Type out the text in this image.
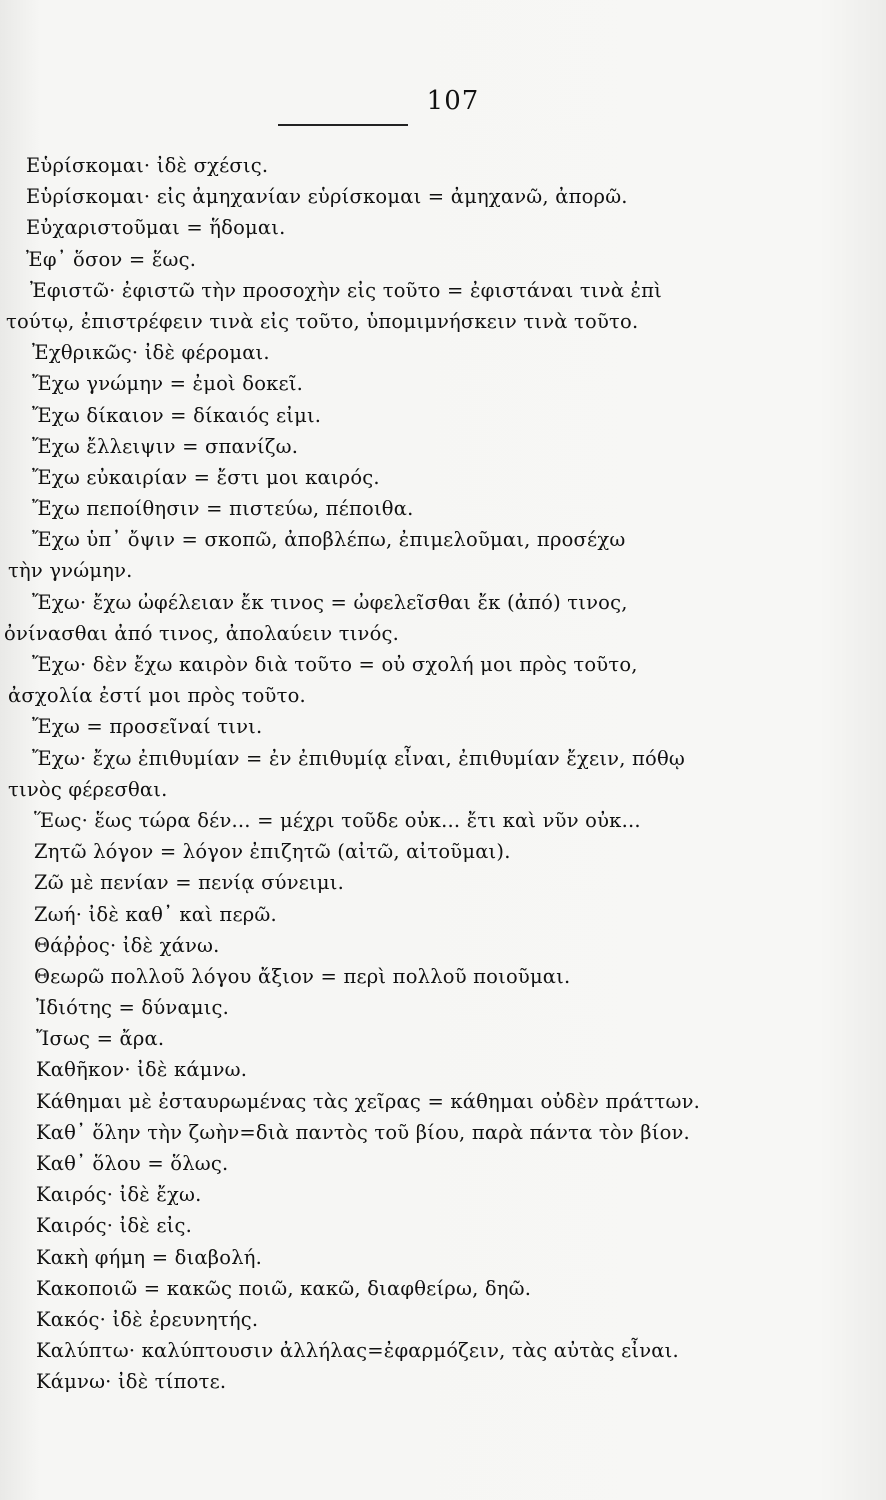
107
Εὑρίσκομαι· ἰδὲ σχέσις.
Εὑρίσκομαι· εἰς ἀμηχανίαν εὑρίσκομαι = ἀμηχανῶ, ἀπορῶ.
Εὐχαριστοῦμαι = ἥδομαι.
Ἐφ᾽ ὅσον = ἕως.
Ἐφιστῶ· ἐφιστῶ τὴν προσοχὴν εἰς τοῦτο = ἐφιστάναι τινὰ ἐπὶ
τούτῳ, ἐπιστρέφειν τινὰ εἰς τοῦτο, ὑπομιμνήσκειν τινὰ τοῦτο.
Ἐχθρικῶς· ἰδὲ φέρομαι.
Ἔχω γνώμην = ἐμοὶ δοκεῖ.
Ἔχω δίκαιον = δίκαιός εἰμι.
Ἔχω ἔλλειψιν = σπανίζω.
Ἔχω εὐκαιρίαν = ἔστι μοι καιρός.
Ἔχω πεποίθησιν = πιστεύω, πέποιθα.
Ἔχω ὑπ᾽ ὄψιν = σκοπῶ, ἀποβλέπω, ἐπιμελοῦμαι, προσέχω
τὴν γνώμην.
Ἔχω· ἔχω ὠφέλειαν ἔκ τινος = ὠφελεῖσθαι ἔκ (ἀπό) τινος,
ὀνίνασθαι ἀπό τινος, ἀπολαύειν τινός.
Ἔχω· δὲν ἔχω καιρὸν διὰ τοῦτο = οὐ σχολή μοι πρὸς τοῦτο,
ἀσχολία ἐστί μοι πρὸς τοῦτο.
Ἔχω = προσεῖναί τινι.
Ἔχω· ἔχω ἐπιθυμίαν = ἐν ἐπιθυμίᾳ εἶναι, ἐπιθυμίαν ἔχειν, πόθῳ
τινὸς φέρεσθαι.
Ἕως· ἕως τώρα δέν... = μέχρι τοῦδε οὐκ... ἔτι καὶ νῦν οὐκ...
Ζητῶ λόγον = λόγον ἐπιζητῶ (αἰτῶ, αἰτοῦμαι).
Ζῶ μὲ πενίαν = πενίᾳ σύνειμι.
Ζωή· ἰδὲ καθ᾽ καὶ περῶ.
Θάῤῥος· ἰδὲ χάνω.
Θεωρῶ πολλοῦ λόγου ἄξιον = περὶ πολλοῦ ποιοῦμαι.
Ἰδιότης = δύναμις.
Ἴσως = ἄρα.
Καθῆκον· ἰδὲ κάμνω.
Κάθημαι μὲ ἐσταυρωμένας τὰς χεῖρας = κάθημαι οὐδὲν πράττων.
Καθ᾽ ὅλην τὴν ζωὴν=διὰ παντὸς τοῦ βίου, παρὰ πάντα τὸν βίον.
Καθ᾽ ὅλου = ὅλως.
Καιρός· ἰδὲ ἔχω.
Καιρός· ἰδὲ εἰς.
Κακὴ φήμη = διαβολή.
Κακοποιῶ = κακῶς ποιῶ, κακῶ, διαφθείρω, δηῶ.
Κακός· ἰδὲ ἐρευνητής.
Καλύπτω· καλύπτουσιν ἀλλήλας=ἐφαρμόζειν, τὰς αὐτὰς εἶναι.
Κάμνω· ἰδὲ τίποτε.
